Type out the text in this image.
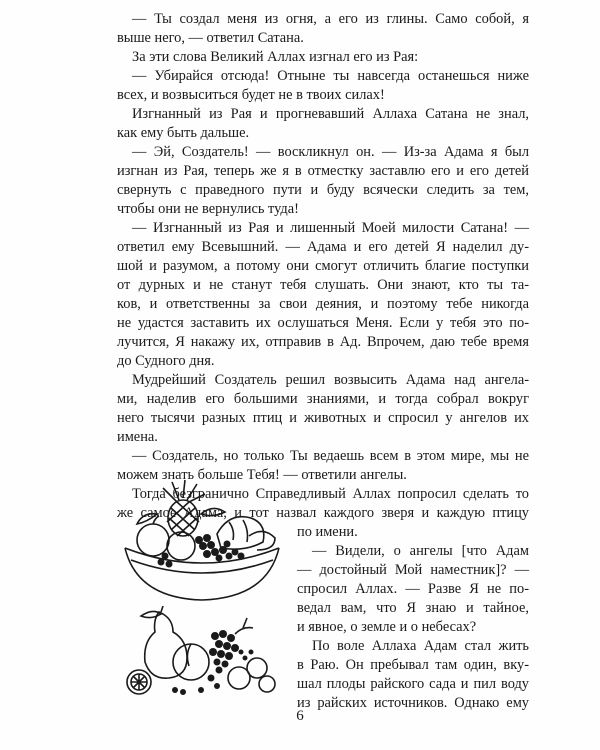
— Ты создал меня из огня, а его из глины. Само собой, я
выше него, — ответил Сатана.
За эти слова Великий Аллах изгнал его из Рая:
— Убирайся отсюда! Отныне ты навсегда останешься ниже
всех, и возвыситься будет не в твоих силах!
Изгнанный из Рая и прогневавший Аллаха Сатана не знал,
как ему быть дальше.
— Эй, Создатель! — воскликнул он. — Из-за Адама я был
изгнан из Рая, теперь же я в отместку заставлю его и его детей
свернуть с праведного пути и буду всячески следить за тем,
чтобы они не вернулись туда!
— Изгнанный из Рая и лишенный Моей милости Сатана! —
ответил ему Всевышний. — Адама и его детей Я наделил ду-
шой и разумом, а потому они смогут отличить благие поступки
от дурных и не станут тебя слушать. Они знают, кто ты та-
ков, и ответственны за свои деяния, и поэтому тебе никогда
не удастся заставить их ослушаться Меня. Если у тебя это по-
лучится, Я накажу их, отправив в Ад. Впрочем, даю тебе время
до Судного дня.
Мудрейший Создатель решил возвысить Адама над ангела-
ми, наделив его большими знаниями, и тогда собрал вокруг
него тысячи разных птиц и животных и спросил у ангелов их
имена.
— Создатель, но только Ты ведаешь всем в этом мире, мы не
можем знать больше Тебя! — ответили ангелы.
Тогда безгранично Справедливый Аллах попросил сделать то
же самое Адама, и тот назвал каждого зверя и каждую птицу
по имени.
— Видели, о ангелы [что Адам
— достойный Мой наместник]? —
спросил Аллах. — Разве Я не по-
ведал вам, что Я знаю и тайное,
и явное, о земле и о небесах?
По воле Аллаха Адам стал жить
в Раю. Он пребывал там один, вку-
шал плоды райского сада и пил воду
из райских источников. Однако ему
6
